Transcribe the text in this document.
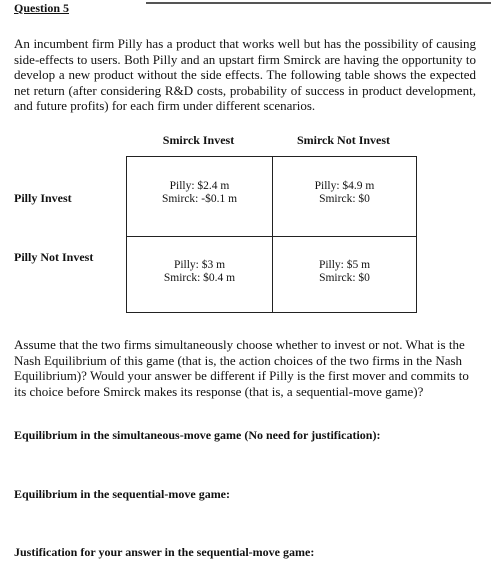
Question 5
An incumbent firm Pilly has a product that works well but has the possibility of causing side-effects to users. Both Pilly and an upstart firm Smirck are having the opportunity to develop a new product without the side effects. The following table shows the expected net return (after considering R&D costs, probability of success in product development, and future profits) for each firm under different scenarios.
Smirck Invest	Smirck Not Invest
Pilly Invest
Pilly Not Invest
Pilly: $2.4 m
Smirck: -$0.1 m
Pilly: $4.9 m
Smirck: $0
Pilly: $3 m
Smirck: $0.4 m
Pilly: $5 m
Smirck: $0
Assume that the two firms simultaneously choose whether to invest or not. What is the Nash Equilibrium of this game (that is, the action choices of the two firms in the Nash Equilibrium)? Would your answer be different if Pilly is the first mover and commits to its choice before Smirck makes its response (that is, a sequential-move game)?
Equilibrium in the simultaneous-move game (No need for justification):
Equilibrium in the sequential-move game:
Justification for your answer in the sequential-move game:
